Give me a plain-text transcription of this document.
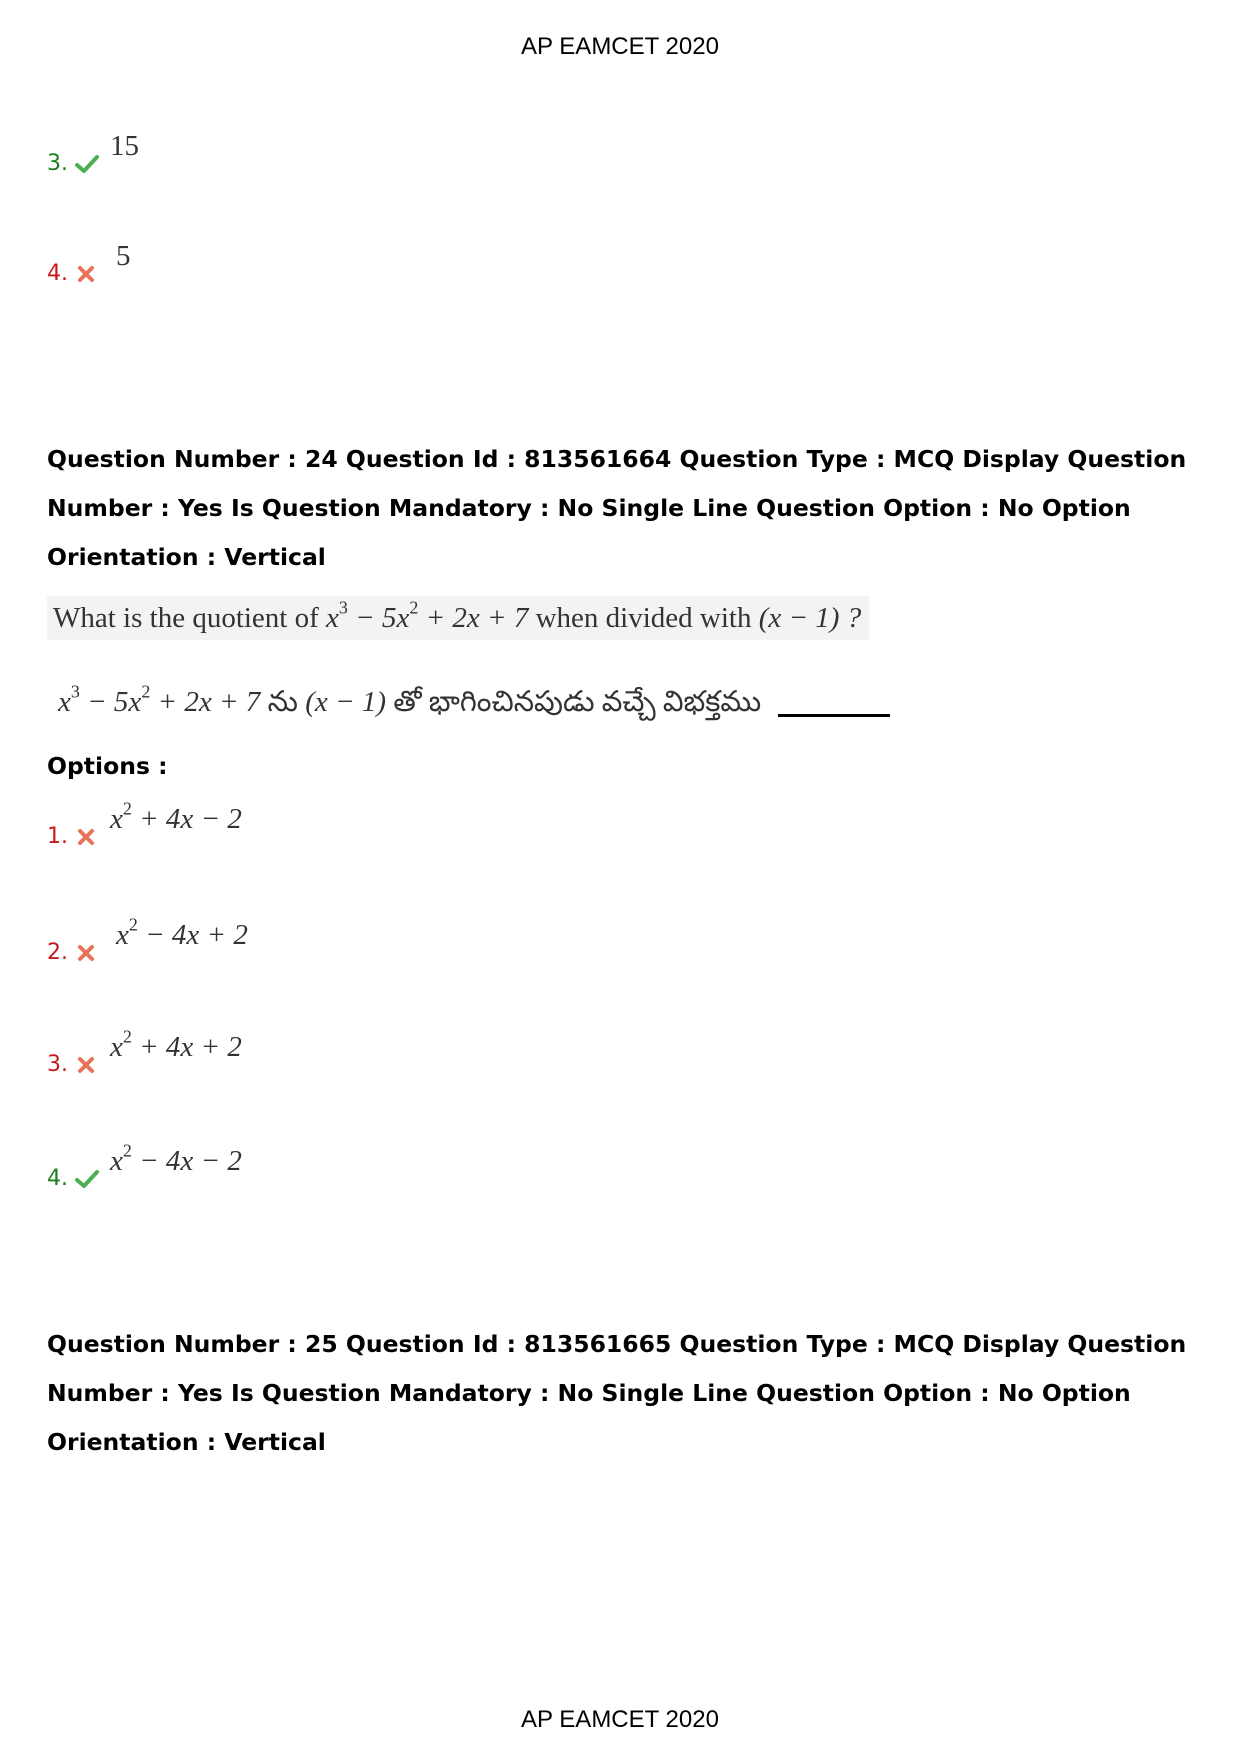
AP EAMCET 2020
3.
15
4.
5

Question Number : 24 Question Id : 813561664 Question Type : MCQ Display Question Number : Yes Is Question Mandatory : No Single Line Question Option : No Option Orientation : Vertical

What is the quotient of $x^3 - 5x^2 + 2x + 7$ when divided with (x − 1) ?
$x^3 - 5x^2 + 2x + 7$ ను (x − 1) తో భాగించినపుడు వచ్చే విభక్తము
Options :
1.
$x^2 + 4x - 2$
2.
$x^2 - 4x + 2$
3.
$x^2 + 4x + 2$
4.
$x^2 - 4x - 2$

Question Number : 25 Question Id : 813561665 Question Type : MCQ Display Question Number : Yes Is Question Mandatory : No Single Line Question Option : No Option Orientation : Vertical

AP EAMCET 2020
